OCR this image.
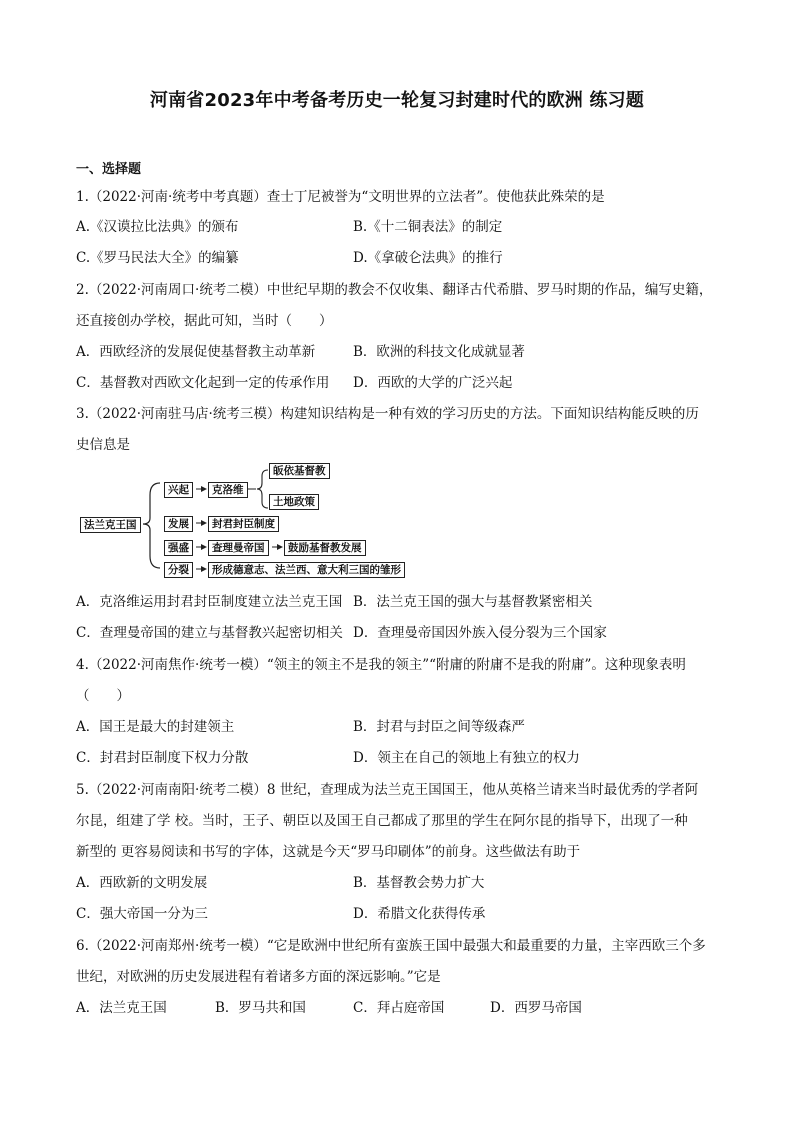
河南省2023年中考备考历史一轮复习封建时代的欧洲 练习题
一、选择题
1.（2022·河南·统考中考真题）查士丁尼被誉为“文明世界的立法者”。使他获此殊荣的是
A.《汉谟拉比法典》的颁布	B.《十二铜表法》的制定
C.《罗马民法大全》的编纂	D.《拿破仑法典》的推行
2.（2022·河南周口·统考二模）中世纪早期的教会不仅收集、翻译古代希腊、罗马时期的作品，编写史籍，
还直接创办学校，据此可知，当时（　　）
A．西欧经济的发展促使基督教主动革新	B．欧洲的科技文化成就显著
C．基督教对西欧文化起到一定的传承作用 D．西欧的大学的广泛兴起
3.（2022·河南驻马店·统考三模）构建知识结构是一种有效的学习历史的方法。下面知识结构能反映的历
史信息是
法兰克王国
兴起
发展
强盛
分裂
克洛维
皈依基督教
土地政策
封君封臣制度
查理曼帝国	鼓励基督教发展
形成德意志、法兰西、意大利三国的雏形
A．克洛维运用封君封臣制度建立法兰克王国 B．法兰克王国的强大与基督教紧密相关
C．查理曼帝国的建立与基督教兴起密切相关 D．查理曼帝国因外族入侵分裂为三个国家
4.（2022·河南焦作·统考一模）“领主的领主不是我的领主”“附庸的附庸不是我的附庸”。这种现象表明
（　　）
A．国王是最大的封建领主	B．封君与封臣之间等级森严
C．封君封臣制度下权力分散	D．领主在自己的领地上有独立的权力
5.（2022·河南南阳·统考二模）8 世纪，查理成为法兰克王国国王，他从英格兰请来当时最优秀的学者阿
尔昆，组建了学 校。当时，王子、朝臣以及国王自己都成了那里的学生在阿尔昆的指导下，出现了一种
新型的 更容易阅读和书写的字体，这就是今天“罗马印刷体”的前身。这些做法有助于
A．西欧新的文明发展	B．基督教会势力扩大
C．强大帝国一分为三	D．希腊文化获得传承
6.（2022·河南郑州·统考一模）“它是欧洲中世纪所有蛮族王国中最强大和最重要的力量，主宰西欧三个多
世纪，对欧洲的历史发展进程有着诸多方面的深远影响。”它是
A．法兰克王国	B．罗马共和国	C．拜占庭帝国	D．西罗马帝国
